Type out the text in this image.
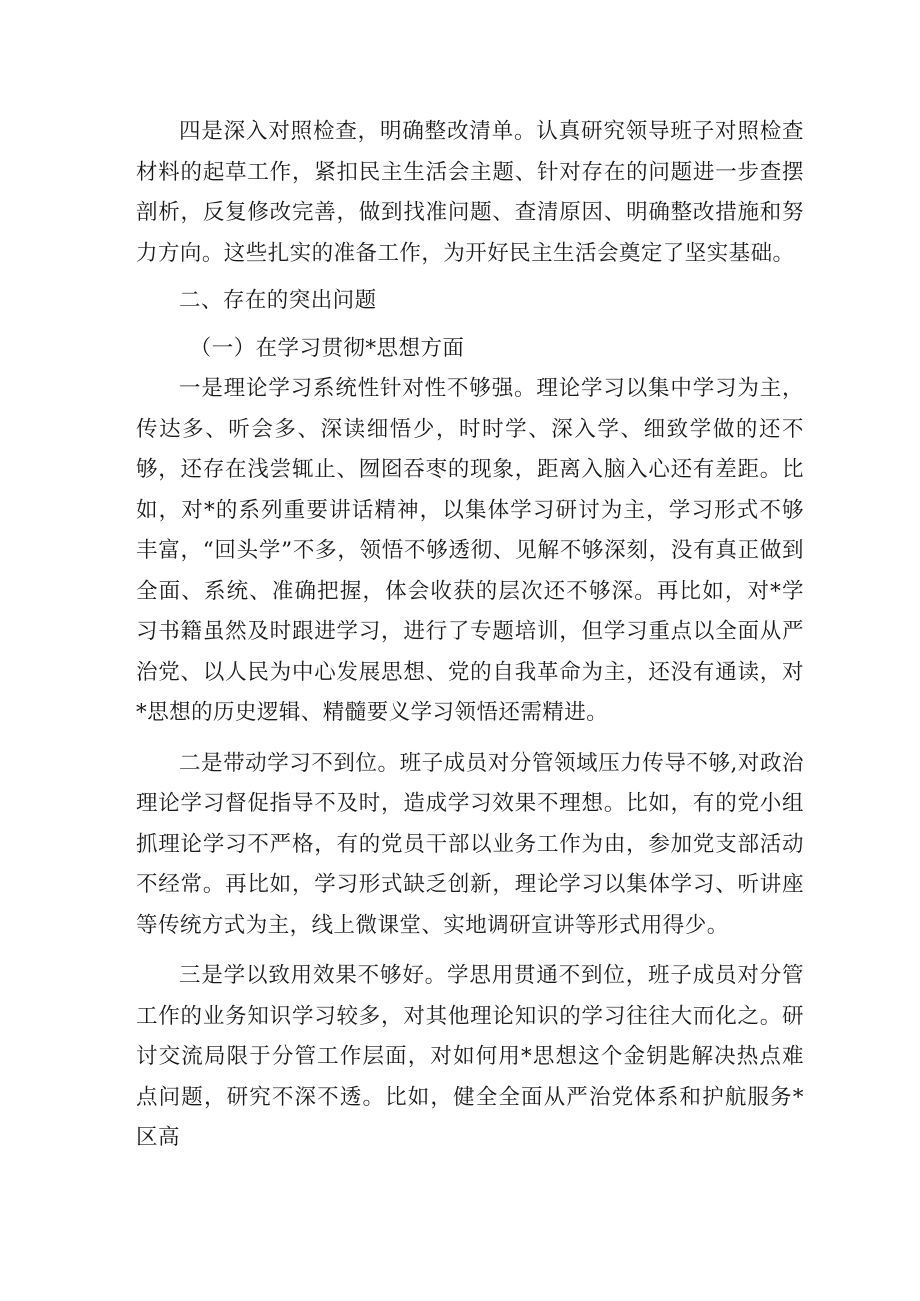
四是深入对照检查，明确整改清单。认真研究领导班子对照检查材料的起草工作，紧扣民主生活会主题、针对存在的问题进一步查摆剖析，反复修改完善，做到找准问题、查清原因、明确整改措施和努力方向。这些扎实的准备工作，为开好民主生活会奠定了坚实基础。

二、存在的突出问题

（一）在学习贯彻*思想方面

一是理论学习系统性针对性不够强。理论学习以集中学习为主，传达多、听会多、深读细悟少，时时学、深入学、细致学做的还不够，还存在浅尝辄止、囫囵吞枣的现象，距离入脑入心还有差距。比如，对*的系列重要讲话精神，以集体学习研讨为主，学习形式不够丰富，“回头学”不多，领悟不够透彻、见解不够深刻，没有真正做到全面、系统、准确把握，体会收获的层次还不够深。再比如，对*学习书籍虽然及时跟进学习，进行了专题培训，但学习重点以全面从严治党、以人民为中心发展思想、党的自我革命为主，还没有通读，对*思想的历史逻辑、精髓要义学习领悟还需精进。

二是带动学习不到位。班子成员对分管领域压力传导不够,对政治理论学习督促指导不及时，造成学习效果不理想。比如，有的党小组抓理论学习不严格，有的党员干部以业务工作为由，参加党支部活动不经常。再比如，学习形式缺乏创新，理论学习以集体学习、听讲座等传统方式为主，线上微课堂、实地调研宣讲等形式用得少。

三是学以致用效果不够好。学思用贯通不到位，班子成员对分管工作的业务知识学习较多，对其他理论知识的学习往往大而化之。研讨交流局限于分管工作层面，对如何用*思想这个金钥匙解决热点难点问题，研究不深不透。比如，健全全面从严治党体系和护航服务*区高
